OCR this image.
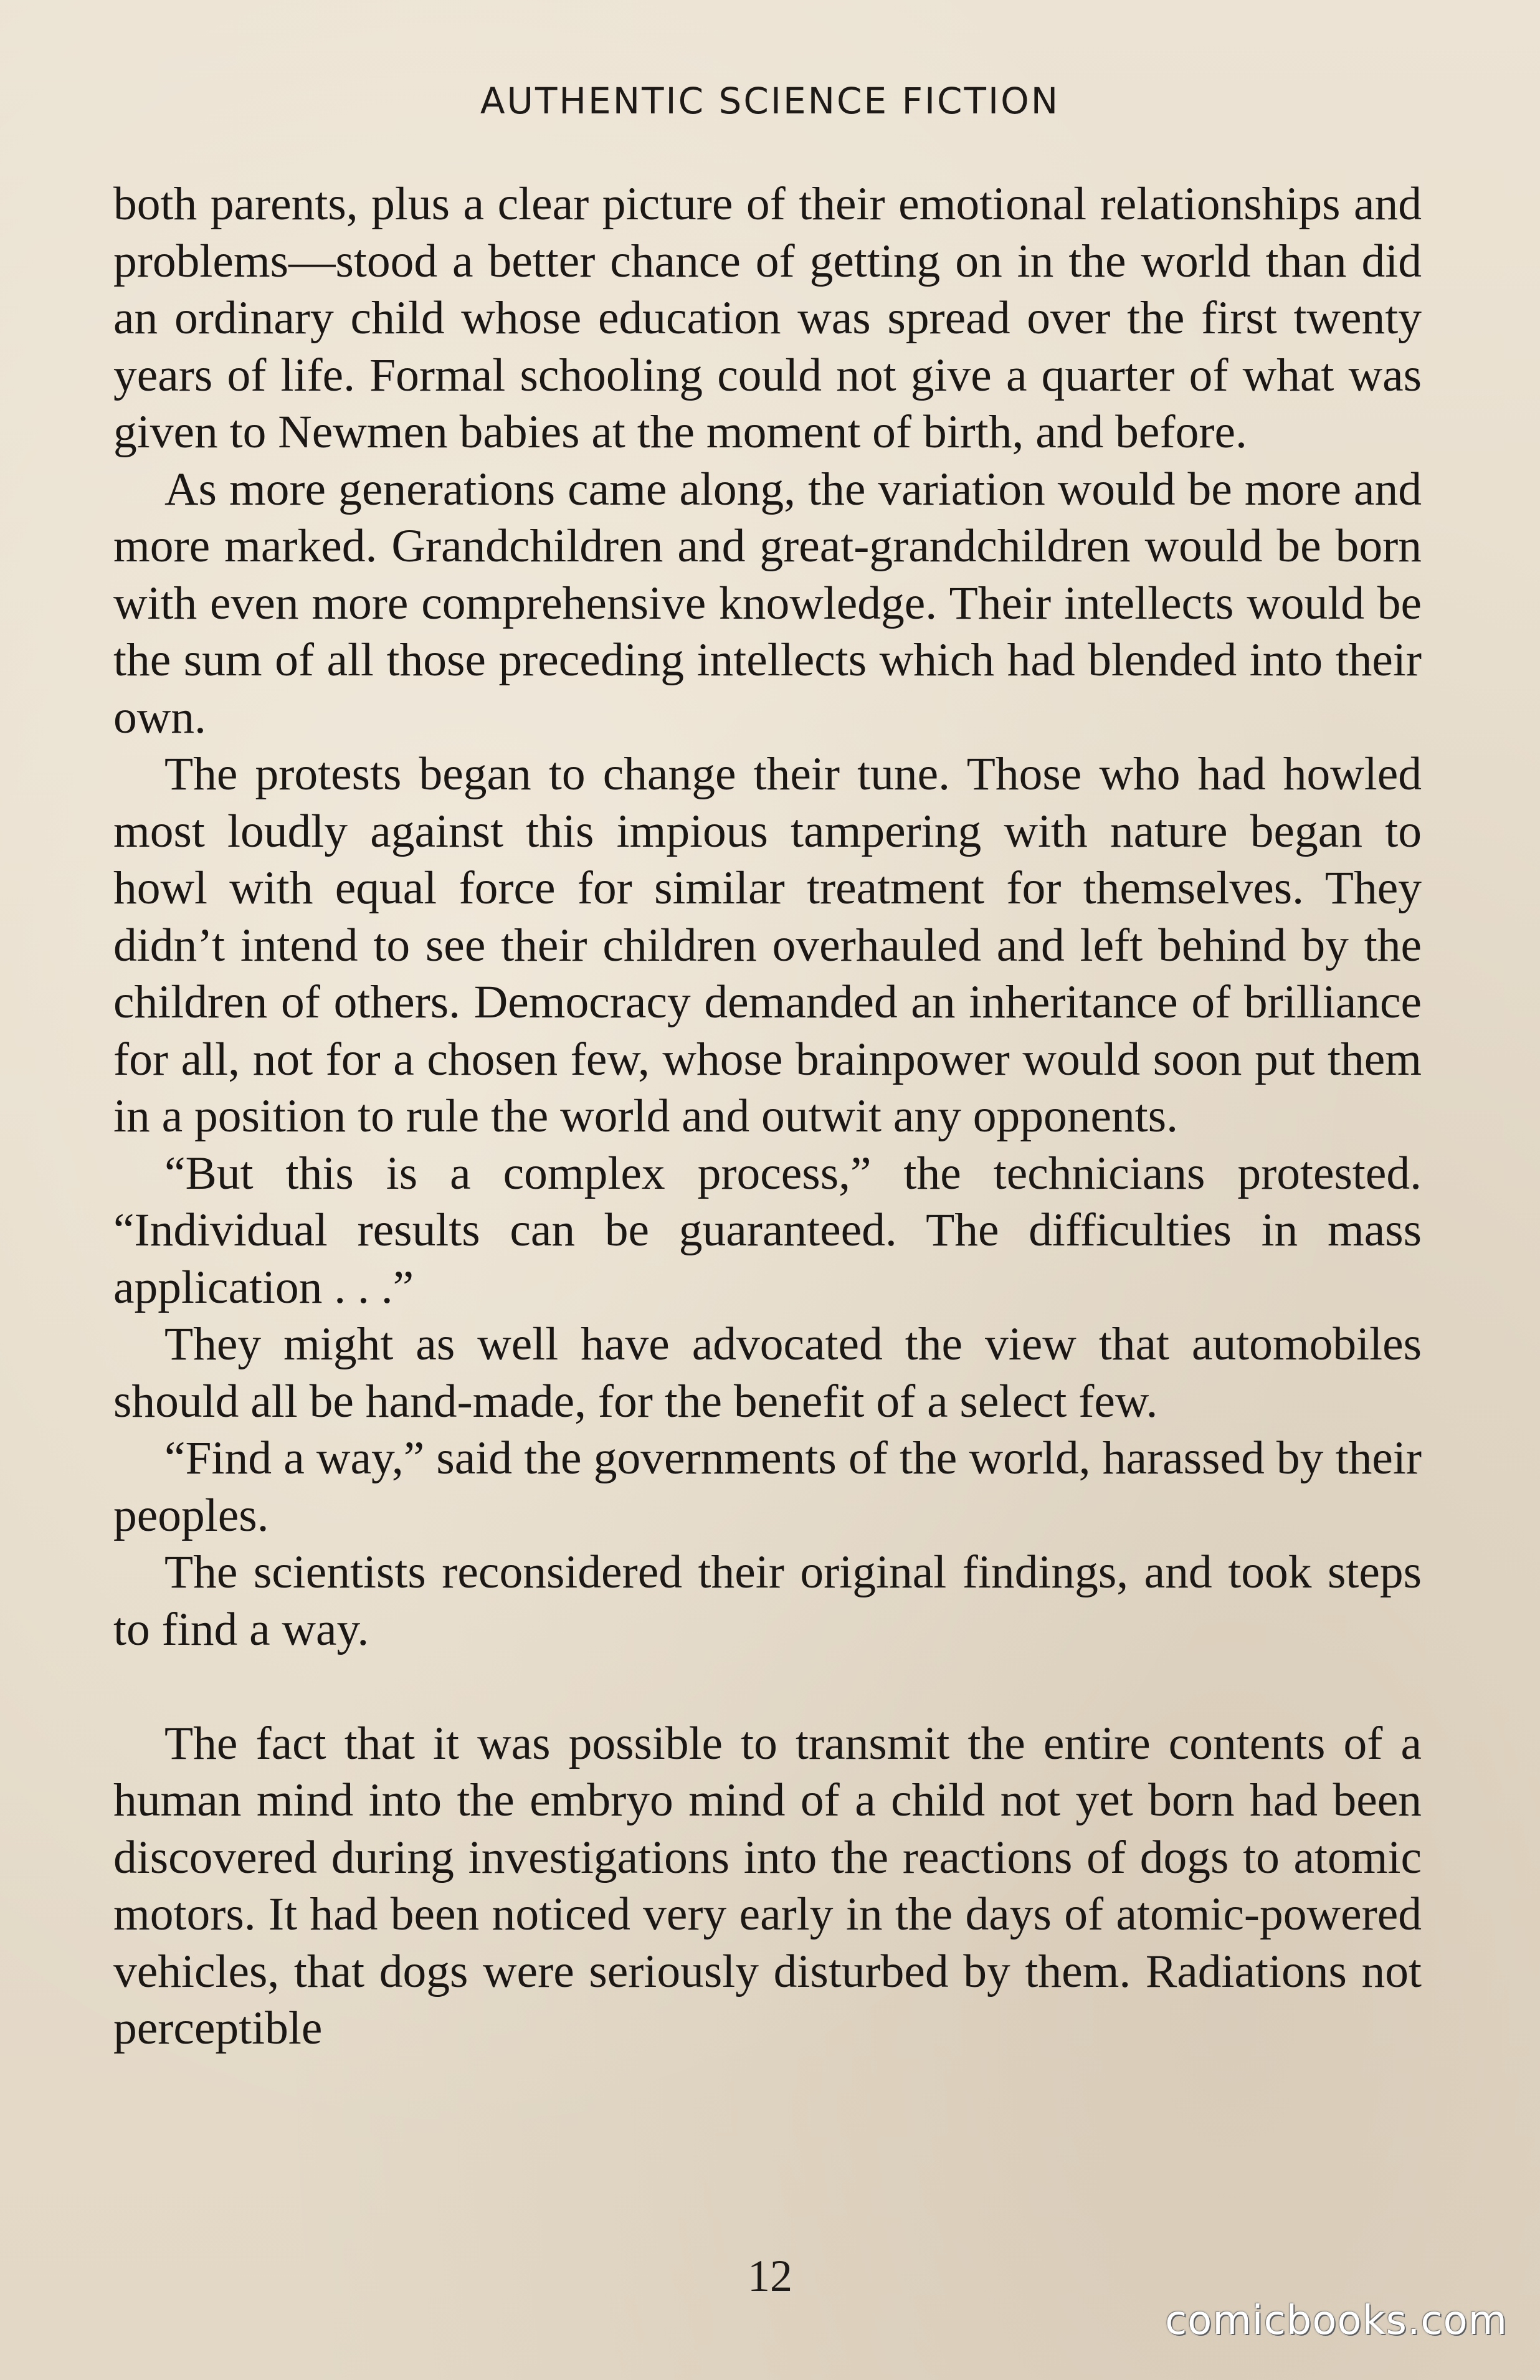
AUTHENTIC SCIENCE FICTION

both parents, plus a clear picture of their emotional relationships and problems—stood a better chance of getting on in the world than did an ordinary child whose education was spread over the first twenty years of life. Formal schooling could not give a quarter of what was given to Newmen babies at the moment of birth, and before.

As more generations came along, the variation would be more and more marked. Grandchildren and great-grandchildren would be born with even more comprehensive knowledge. Their intellects would be the sum of all those preceding intellects which had blended into their own.

The protests began to change their tune. Those who had howled most loudly against this impious tampering with nature began to howl with equal force for similar treatment for themselves. They didn’t intend to see their children overhauled and left behind by the children of others. Democracy demanded an inheritance of brilliance for all, not for a chosen few, whose brainpower would soon put them in a position to rule the world and outwit any opponents.

“But this is a complex process,” the technicians protested. “Individual results can be guaranteed. The difficulties in mass application . . .”

They might as well have advocated the view that automobiles should all be hand-made, for the benefit of a select few.

“Find a way,” said the governments of the world, harassed by their peoples.

The scientists reconsidered their original findings, and took steps to find a way.

The fact that it was possible to transmit the entire contents of a human mind into the embryo mind of a child not yet born had been discovered during investigations into the reactions of dogs to atomic motors. It had been noticed very early in the days of atomic-powered vehicles, that dogs were seriously disturbed by them. Radiations not perceptible

12
comicbooks.com
